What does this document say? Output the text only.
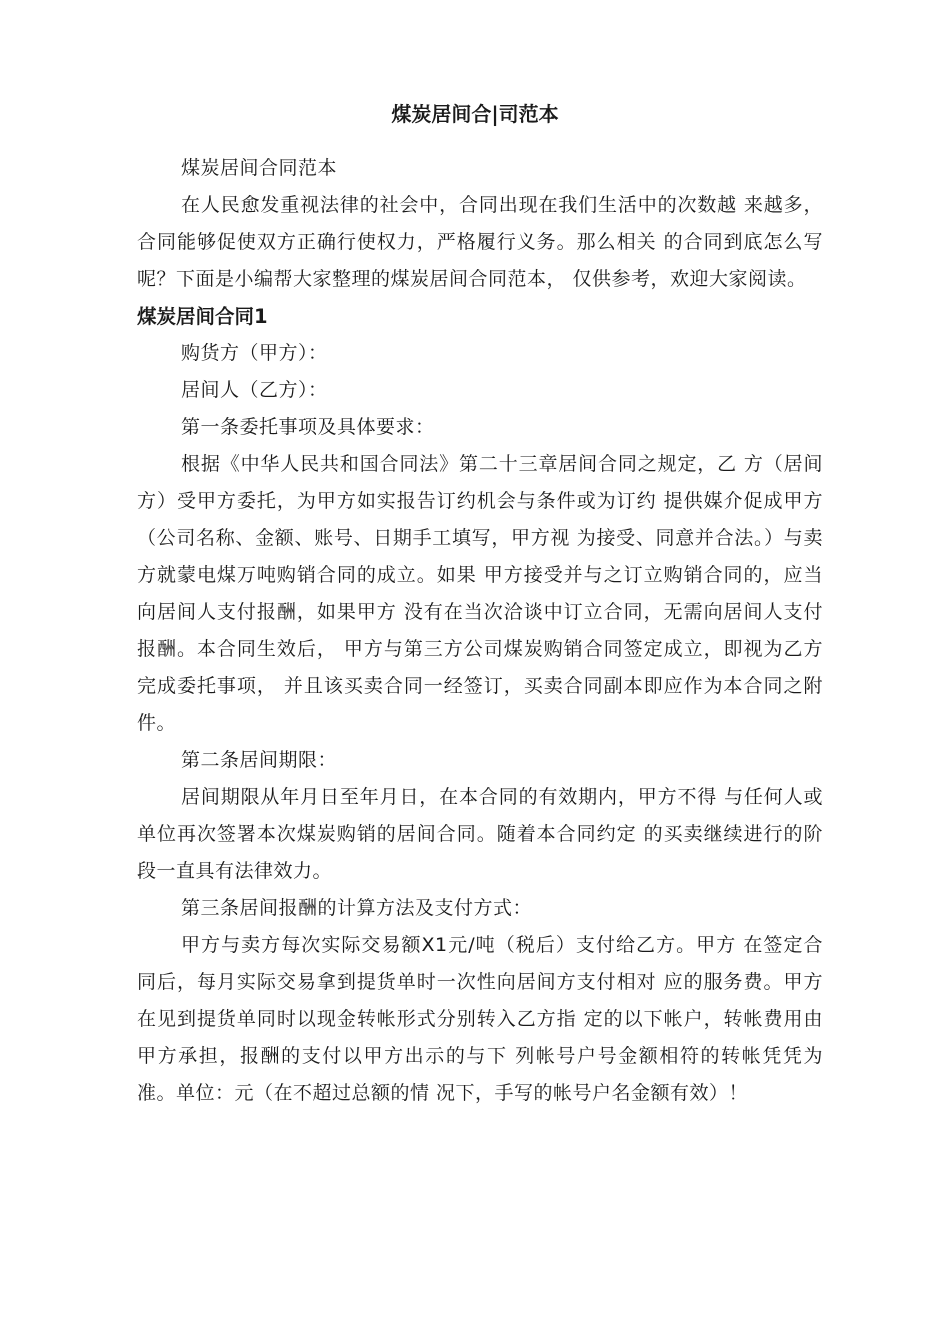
煤炭居间合|司范本

煤炭居间合同范本

在人民愈发重视法律的社会中，合同出现在我们生活中的次数越 来越多，合同能够促使双方正确行使权力，严格履行义务。那么相关 的合同到底怎么写呢？下面是小编帮大家整理的煤炭居间合同范本， 仅供参考，欢迎大家阅读。

煤炭居间合同1

购货方（甲方）：

居间人（乙方）：

第一条委托事项及具体要求：

根据《中华人民共和国合同法》第二十三章居间合同之规定，乙 方（居间方）受甲方委托，为甲方如实报告订约机会与条件或为订约 提供媒介促成甲方（公司名称、金额、账号、日期手工填写，甲方视 为接受、同意并合法。）与卖方就蒙电煤万吨购销合同的成立。如果 甲方接受并与之订立购销合同的，应当向居间人支付报酬，如果甲方 没有在当次洽谈中订立合同，无需向居间人支付报酬。本合同生效后， 甲方与第三方公司煤炭购销合同签定成立，即视为乙方完成委托事项， 并且该买卖合同一经签订，买卖合同副本即应作为本合同之附件。

第二条居间期限：

居间期限从年月日至年月日，在本合同的有效期内，甲方不得 与任何人或单位再次签署本次煤炭购销的居间合同。随着本合同约定 的买卖继续进行的阶段一直具有法律效力。

第三条居间报酬的计算方法及支付方式：

甲方与卖方每次实际交易额X1元/吨（税后）支付给乙方。甲方 在签定合同后，每月实际交易拿到提货单时一次性向居间方支付相对 应的服务费。甲方在见到提货单同时以现金转帐形式分别转入乙方指 定的以下帐户，转帐费用由甲方承担，报酬的支付以甲方出示的与下 列帐号户号金额相符的转帐凭凭为准。单位：元（在不超过总额的情 况下，手写的帐号户名金额有效）！
